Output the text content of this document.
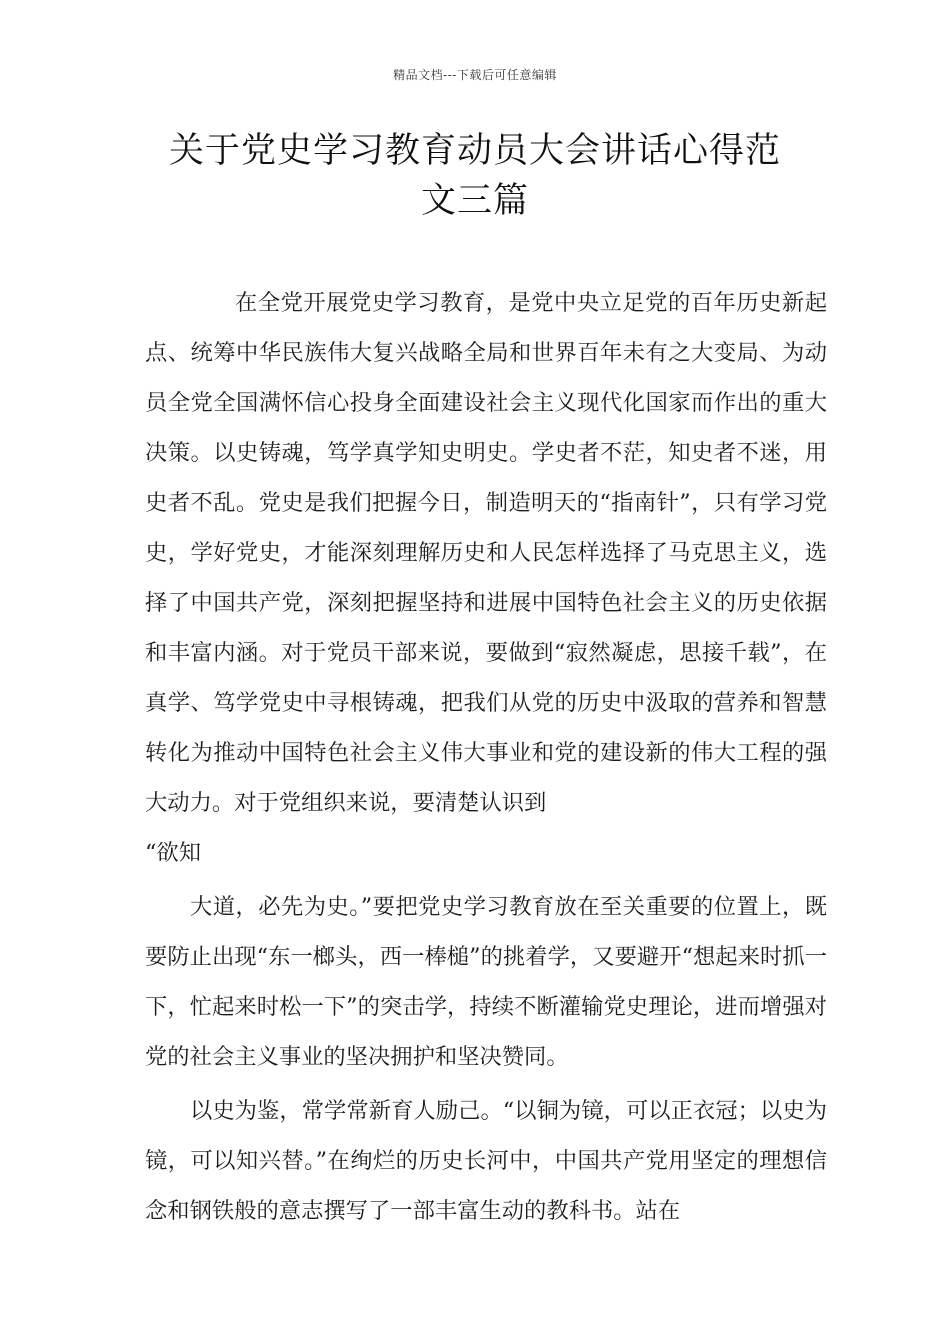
精品文档---下载后可任意编辑
关于党史学习教育动员大会讲话心得范
文三篇

在全党开展党史学习教育，是党中央立足党的百年历史新起点、统筹中华民族伟大复兴战略全局和世界百年未有之大变局、为动员全党全国满怀信心投身全面建设社会主义现代化国家而作出的重大决策。以史铸魂，笃学真学知史明史。学史者不茫，知史者不迷，用史者不乱。党史是我们把握今日，制造明天的“指南针”，只有学习党史，学好党史，才能深刻理解历史和人民怎样选择了马克思主义，选择了中国共产党，深刻把握坚持和进展中国特色社会主义的历史依据和丰富内涵。对于党员干部来说，要做到“寂然凝虑，思接千载”，在真学、笃学党史中寻根铸魂，把我们从党的历史中汲取的营养和智慧转化为推动中国特色社会主义伟大事业和党的建设新的伟大工程的强大动力。对于党组织来说，要清楚认识到
“欲知

大道，必先为史。”要把党史学习教育放在至关重要的位置上，既要防止出现“东一榔头，西一棒槌”的挑着学，又要避开“想起来时抓一下，忙起来时松一下”的突击学，持续不断灌输党史理论，进而增强对党的社会主义事业的坚决拥护和坚决赞同。

以史为鉴，常学常新育人励己。“以铜为镜，可以正衣冠；以史为镜，可以知兴替。”在绚烂的历史长河中，中国共产党用坚定的理想信念和钢铁般的意志撰写了一部丰富生动的教科书。站在
